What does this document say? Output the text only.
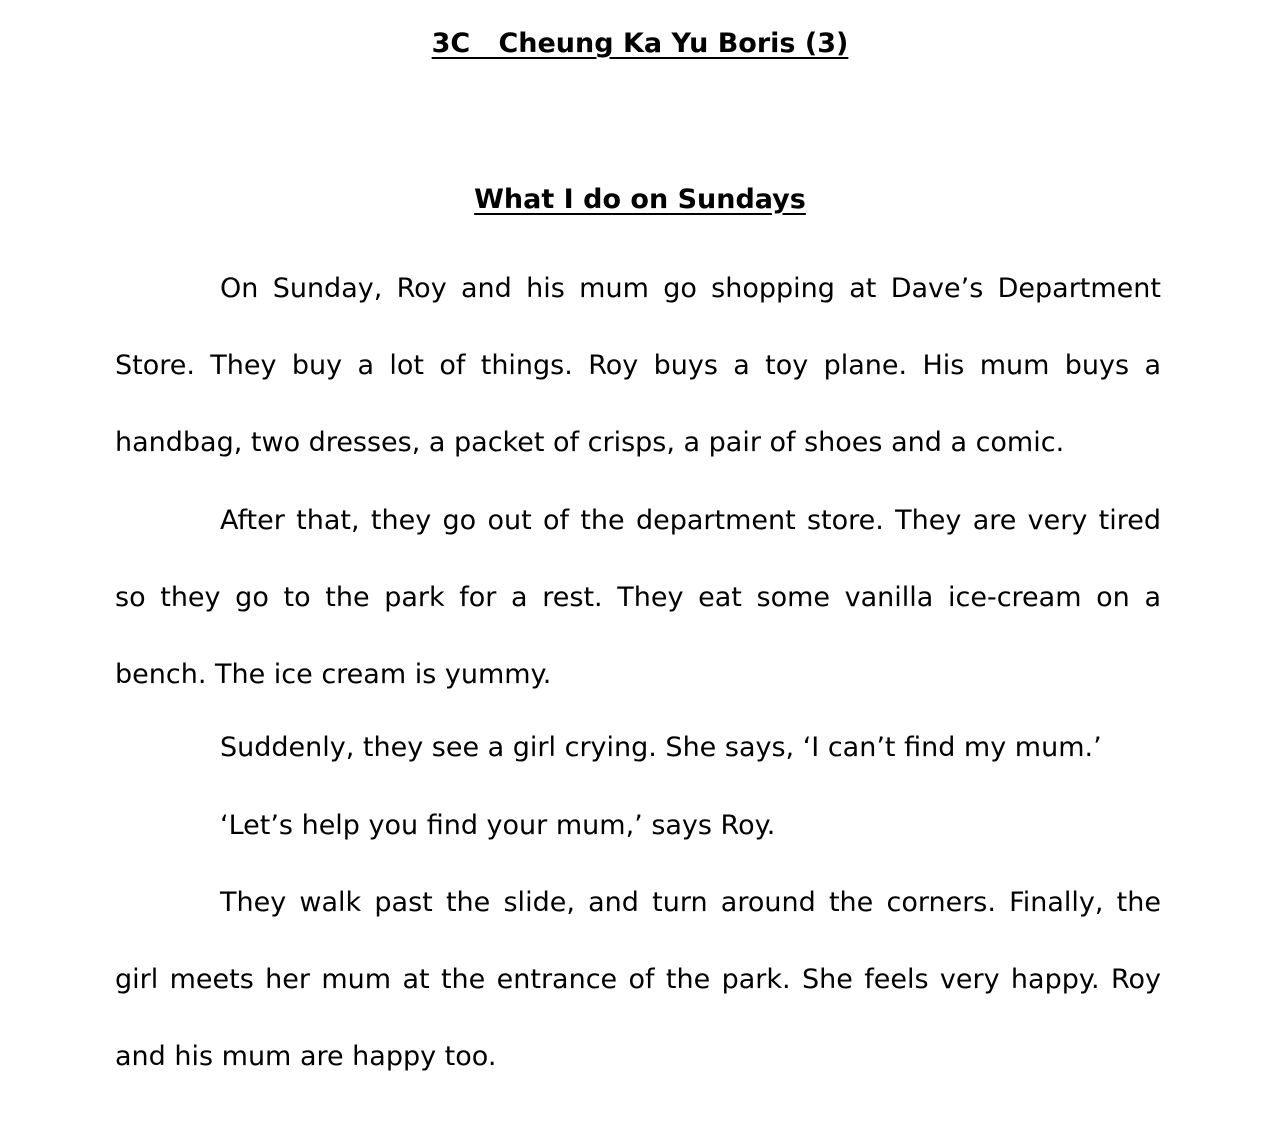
3C   Cheung Ka Yu Boris (3)
What I do on Sundays

On Sunday, Roy and his mum go shopping at Dave’s Department Store. They buy a lot of things. Roy buys a toy plane. His mum buys a handbag, two dresses, a packet of crisps, a pair of shoes and a comic.

After that, they go out of the department store. They are very tired so they go to the park for a rest. They eat some vanilla ice-cream on a bench. The ice cream is yummy.

Suddenly, they see a girl crying. She says, ‘I can’t find my mum.’

‘Let’s help you find your mum,’ says Roy.

They walk past the slide, and turn around the corners. Finally, the girl meets her mum at the entrance of the park. She feels very happy. Roy and his mum are happy too.
